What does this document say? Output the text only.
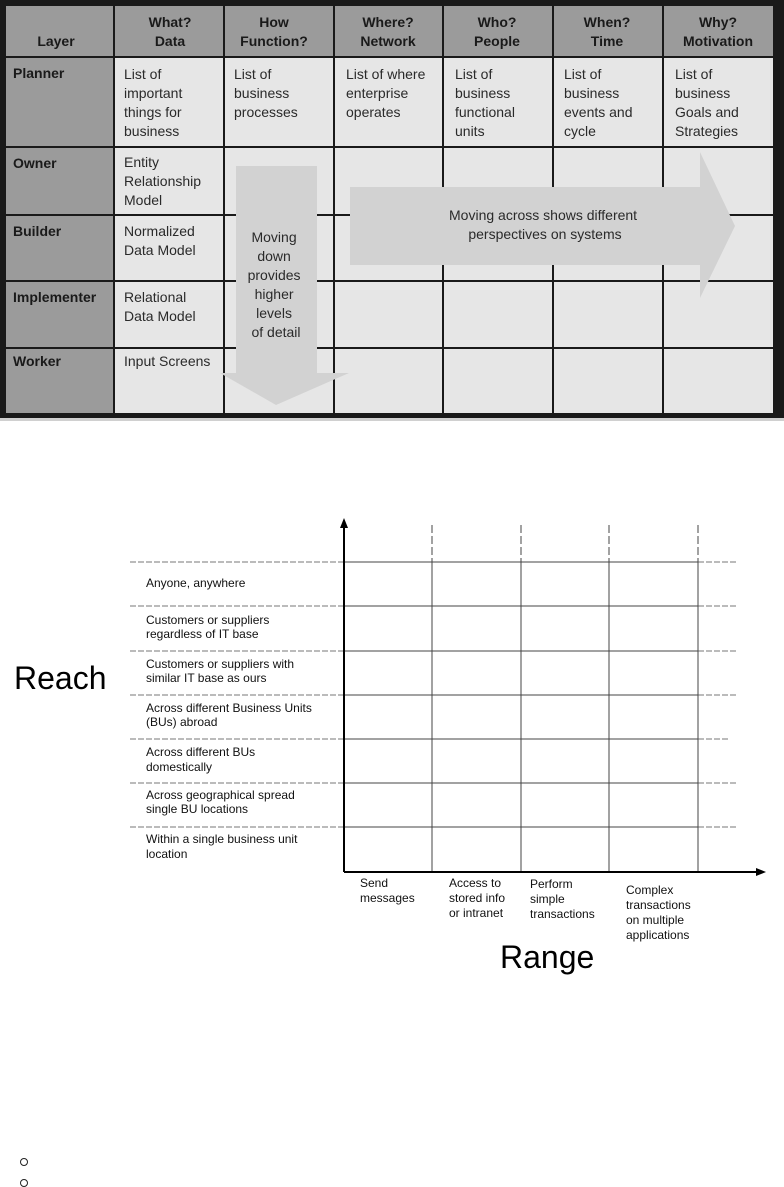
Layer
What?
Data
How
Function?
Where?
Network
Who?
People
When?
Time
Why?
Motivation
Planner
Owner
Builder
Implementer
Worker
List of important things for business
List of business processes
List of where enterprise operates
List of business functional units
List of business events and cycle
List of business Goals and Strategies
Entity Relationship Model
Normalized Data Model
Relational Data Model
Input Screens
Moving down provides higher levels of detail
Moving across shows different perspectives on systems
Reach
Range
Anyone, anywhere
Customers or suppliers regardless of IT base
Customers or suppliers with similar IT base as ours
Across different Business Units (BUs) abroad
Across different BUs domestically
Across geographical spread single BU locations
Within a single business unit location
Send messages
Access to stored info or intranet
Perform simple transactions
Complex transactions on multiple applications
